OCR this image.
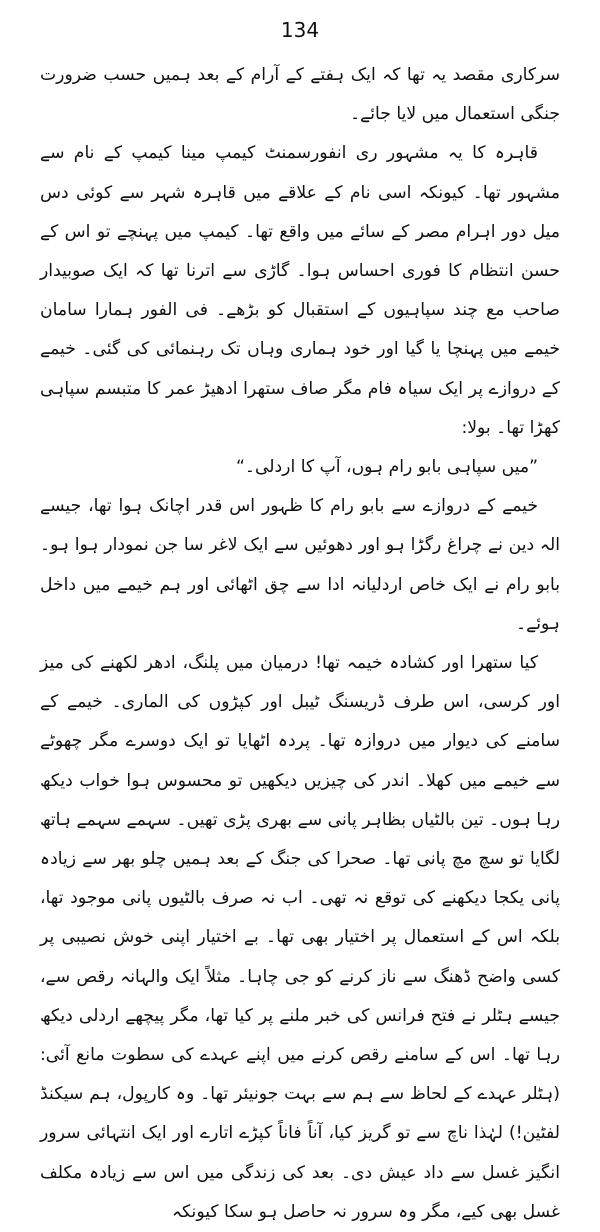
134

سرکاری مقصد یہ تھا کہ ایک ہفتے کے آرام کے بعد ہمیں حسب ضرورت جنگی استعمال میں لایا جائے۔

قاہرہ کا یہ مشہور ری انفورسمنٹ کیمپ مینا کیمپ کے نام سے مشہور تھا۔ کیونکہ اسی نام کے علاقے میں قاہرہ شہر سے کوئی دس میل دور اہرام مصر کے سائے میں واقع تھا۔ کیمپ میں پہنچے تو اس کے حسن انتظام کا فوری احساس ہوا۔ گاڑی سے اترنا تھا کہ ایک صوبیدار صاحب مع چند سپاہیوں کے استقبال کو بڑھے۔ فی الفور ہمارا سامان خیمے میں پہنچا یا گیا اور خود ہماری وہاں تک رہنمائی کی گئی۔ خیمے کے دروازے پر ایک سیاہ فام مگر صاف ستھرا ادھیڑ عمر کا متبسم سپاہی کھڑا تھا۔ بولا:

”میں سپاہی بابو رام ہوں، آپ کا اردلی۔“

خیمے کے دروازے سے بابو رام کا ظہور اس قدر اچانک ہوا تھا، جیسے الہ دین نے چراغ رگڑا ہو اور دھوئیں سے ایک لاغر سا جن نمودار ہوا ہو۔ بابو رام نے ایک خاص اردلیانہ ادا سے چق اٹھائی اور ہم خیمے میں داخل ہوئے۔

کیا ستھرا اور کشادہ خیمہ تھا! درمیان میں پلنگ، ادھر لکھنے کی میز اور کرسی، اس طرف ڈریسنگ ٹیبل اور کپڑوں کی الماری۔ خیمے کے سامنے کی دیوار میں دروازہ تھا۔ پردہ اٹھایا تو ایک دوسرے مگر چھوٹے سے خیمے میں کھلا۔ اندر کی چیزیں دیکھیں تو محسوس ہوا خواب دیکھ رہا ہوں۔ تین بالٹیاں بظاہر پانی سے بھری پڑی تھیں۔ سہمے سہمے ہاتھ لگایا تو سچ مچ پانی تھا۔ صحرا کی جنگ کے بعد ہمیں چلو بھر سے زیادہ پانی یکجا دیکھنے کی توقع نہ تھی۔ اب نہ صرف بالٹیوں پانی موجود تھا، بلکہ اس کے استعمال پر اختیار بھی تھا۔ بے اختیار اپنی خوش نصیبی پر کسی واضح ڈھنگ سے ناز کرنے کو جی چاہا۔ مثلاً ایک والہانہ رقص سے، جیسے ہٹلر نے فتح فرانس کی خبر ملنے پر کیا تھا، مگر پیچھے اردلی دیکھ رہا تھا۔ اس کے سامنے رقص کرنے میں اپنے عہدے کی سطوت مانع آئی: (ہٹلر عہدے کے لحاظ سے ہم سے بہت جونیئر تھا۔ وہ کارپول، ہم سیکنڈ لفٹین!) لہٰذا ناچ سے تو گریز کیا، آناً فاناً کپڑے اتارے اور ایک انتہائی سرور انگیز غسل سے داد عیش دی۔ بعد کی زندگی میں اس سے زیادہ مکلف غسل بھی کیے، مگر وہ سرور نہ حاصل ہو سکا کیونکہ
